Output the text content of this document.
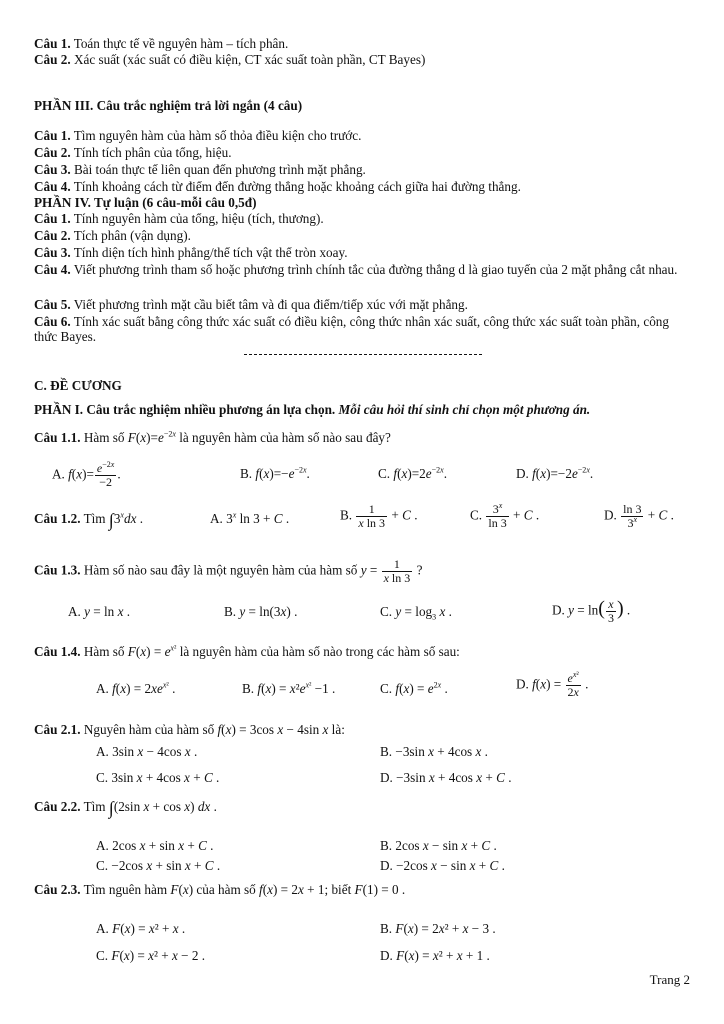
Câu 1. Toán thực tế về nguyên hàm – tích phân.
Câu 2. Xác suất (xác suất có điều kiện, CT xác suất toàn phần, CT Bayes)
PHẦN III. Câu trắc nghiệm trả lời ngắn (4 câu)
Câu 1. Tìm nguyên hàm của hàm số thỏa điều kiện cho trước.
Câu 2. Tính tích phân của tổng, hiệu.
Câu 3. Bài toán thực tế liên quan đến phương trình mặt phẳng.
Câu 4. Tính khoảng cách từ điểm đến đường thẳng hoặc khoảng cách giữa hai đường thẳng.
PHẦN IV. Tự luận (6 câu-mỗi câu 0,5đ)
Câu 1. Tính nguyên hàm của tổng, hiệu (tích, thương).
Câu 2. Tích phân (vận dụng).
Câu 3. Tính diện tích hình phẳng/thể tích vật thể tròn xoay.
Câu 4. Viết phương trình tham số hoặc phương trình chính tắc của đường thẳng d là giao tuyến của 2 mặt phẳng cắt nhau.
Câu 5. Viết phương trình mặt cầu biết tâm và đi qua điểm/tiếp xúc với mặt phẳng.
Câu 6. Tính xác suất bằng công thức xác suất có điều kiện, công thức nhân xác suất, công thức xác suất toàn phần, công thức Bayes.
C. ĐỀ CƯƠNG
PHẦN I. Câu trắc nghiệm nhiều phương án lựa chọn. Mỗi câu hỏi thí sinh chỉ chọn một phương án.
Câu 1.1. Hàm số $F(x)=e^{-2x}$ là nguyên hàm của hàm số nào sau đây?
A. $f(x)= \frac{e^{-2x}}{-2}$ .	B. $f(x)=-e^{-2x}$.	C. $f(x)=2e^{-2x}$.	D. $f(x)=-2e^{-2x}$.
Câu 1.2. Tìm ∫3$^x$dx .	A. 3$^x$ ln 3 + C .	B. $\frac{1}{\text{x ln 3}} + C$ .	C. $\frac{3^x}{\ln 3} + C$ .	D. $\frac{\ln 3}{3^x} + C$ .
Câu 1.3. Hàm số nào sau đây là một nguyên hàm của hàm số $y = \frac{1}{\text{x ln 3}}$ ?
A. y = ln x .	B. y = ln(3x) .	C. $y = \log_3 x$ .	D. $y = \ln( \frac{x}{3}$ ) .
Câu 1.4. Hàm số $F(x) = e^{x^2}$ là nguyên hàm của hàm số nào trong các hàm số sau:
A. $f(x) = 2xe^{x^2}$ .	B. $f(x) = x^2e^{x^2} -1$ .	C. $f(x) = e^{2x}$ .	D. $f(x) = \frac{e^{x^2}}{2x}$ .
Câu 2.1. Nguyên hàm của hàm số f(x) = 3cos x − 4sin x là:
A. 3sin x − 4cos x .	B. −3sin x + 4cos x .
C. 3sin x + 4cos x + C .	D. −3sin x + 4cos x + C .
Câu 2.2. Tìm ∫(2sin x + cos x) dx .
A. 2cos x + sin x + C .	B. 2cos x − sin x + C .
C. −2cos x + sin x + C .	D. −2cos x − sin x + C .
Câu 2.3. Tìm nguên hàm F(x) của hàm số f(x) = 2x + 1; biết F(1) = 0 .
A. F(x) = x² + x .	B. F(x) = 2x² + x − 3 .
C. F(x) = x² + x − 2 .	D. F(x) = x² + x + 1 .
Trang 2
